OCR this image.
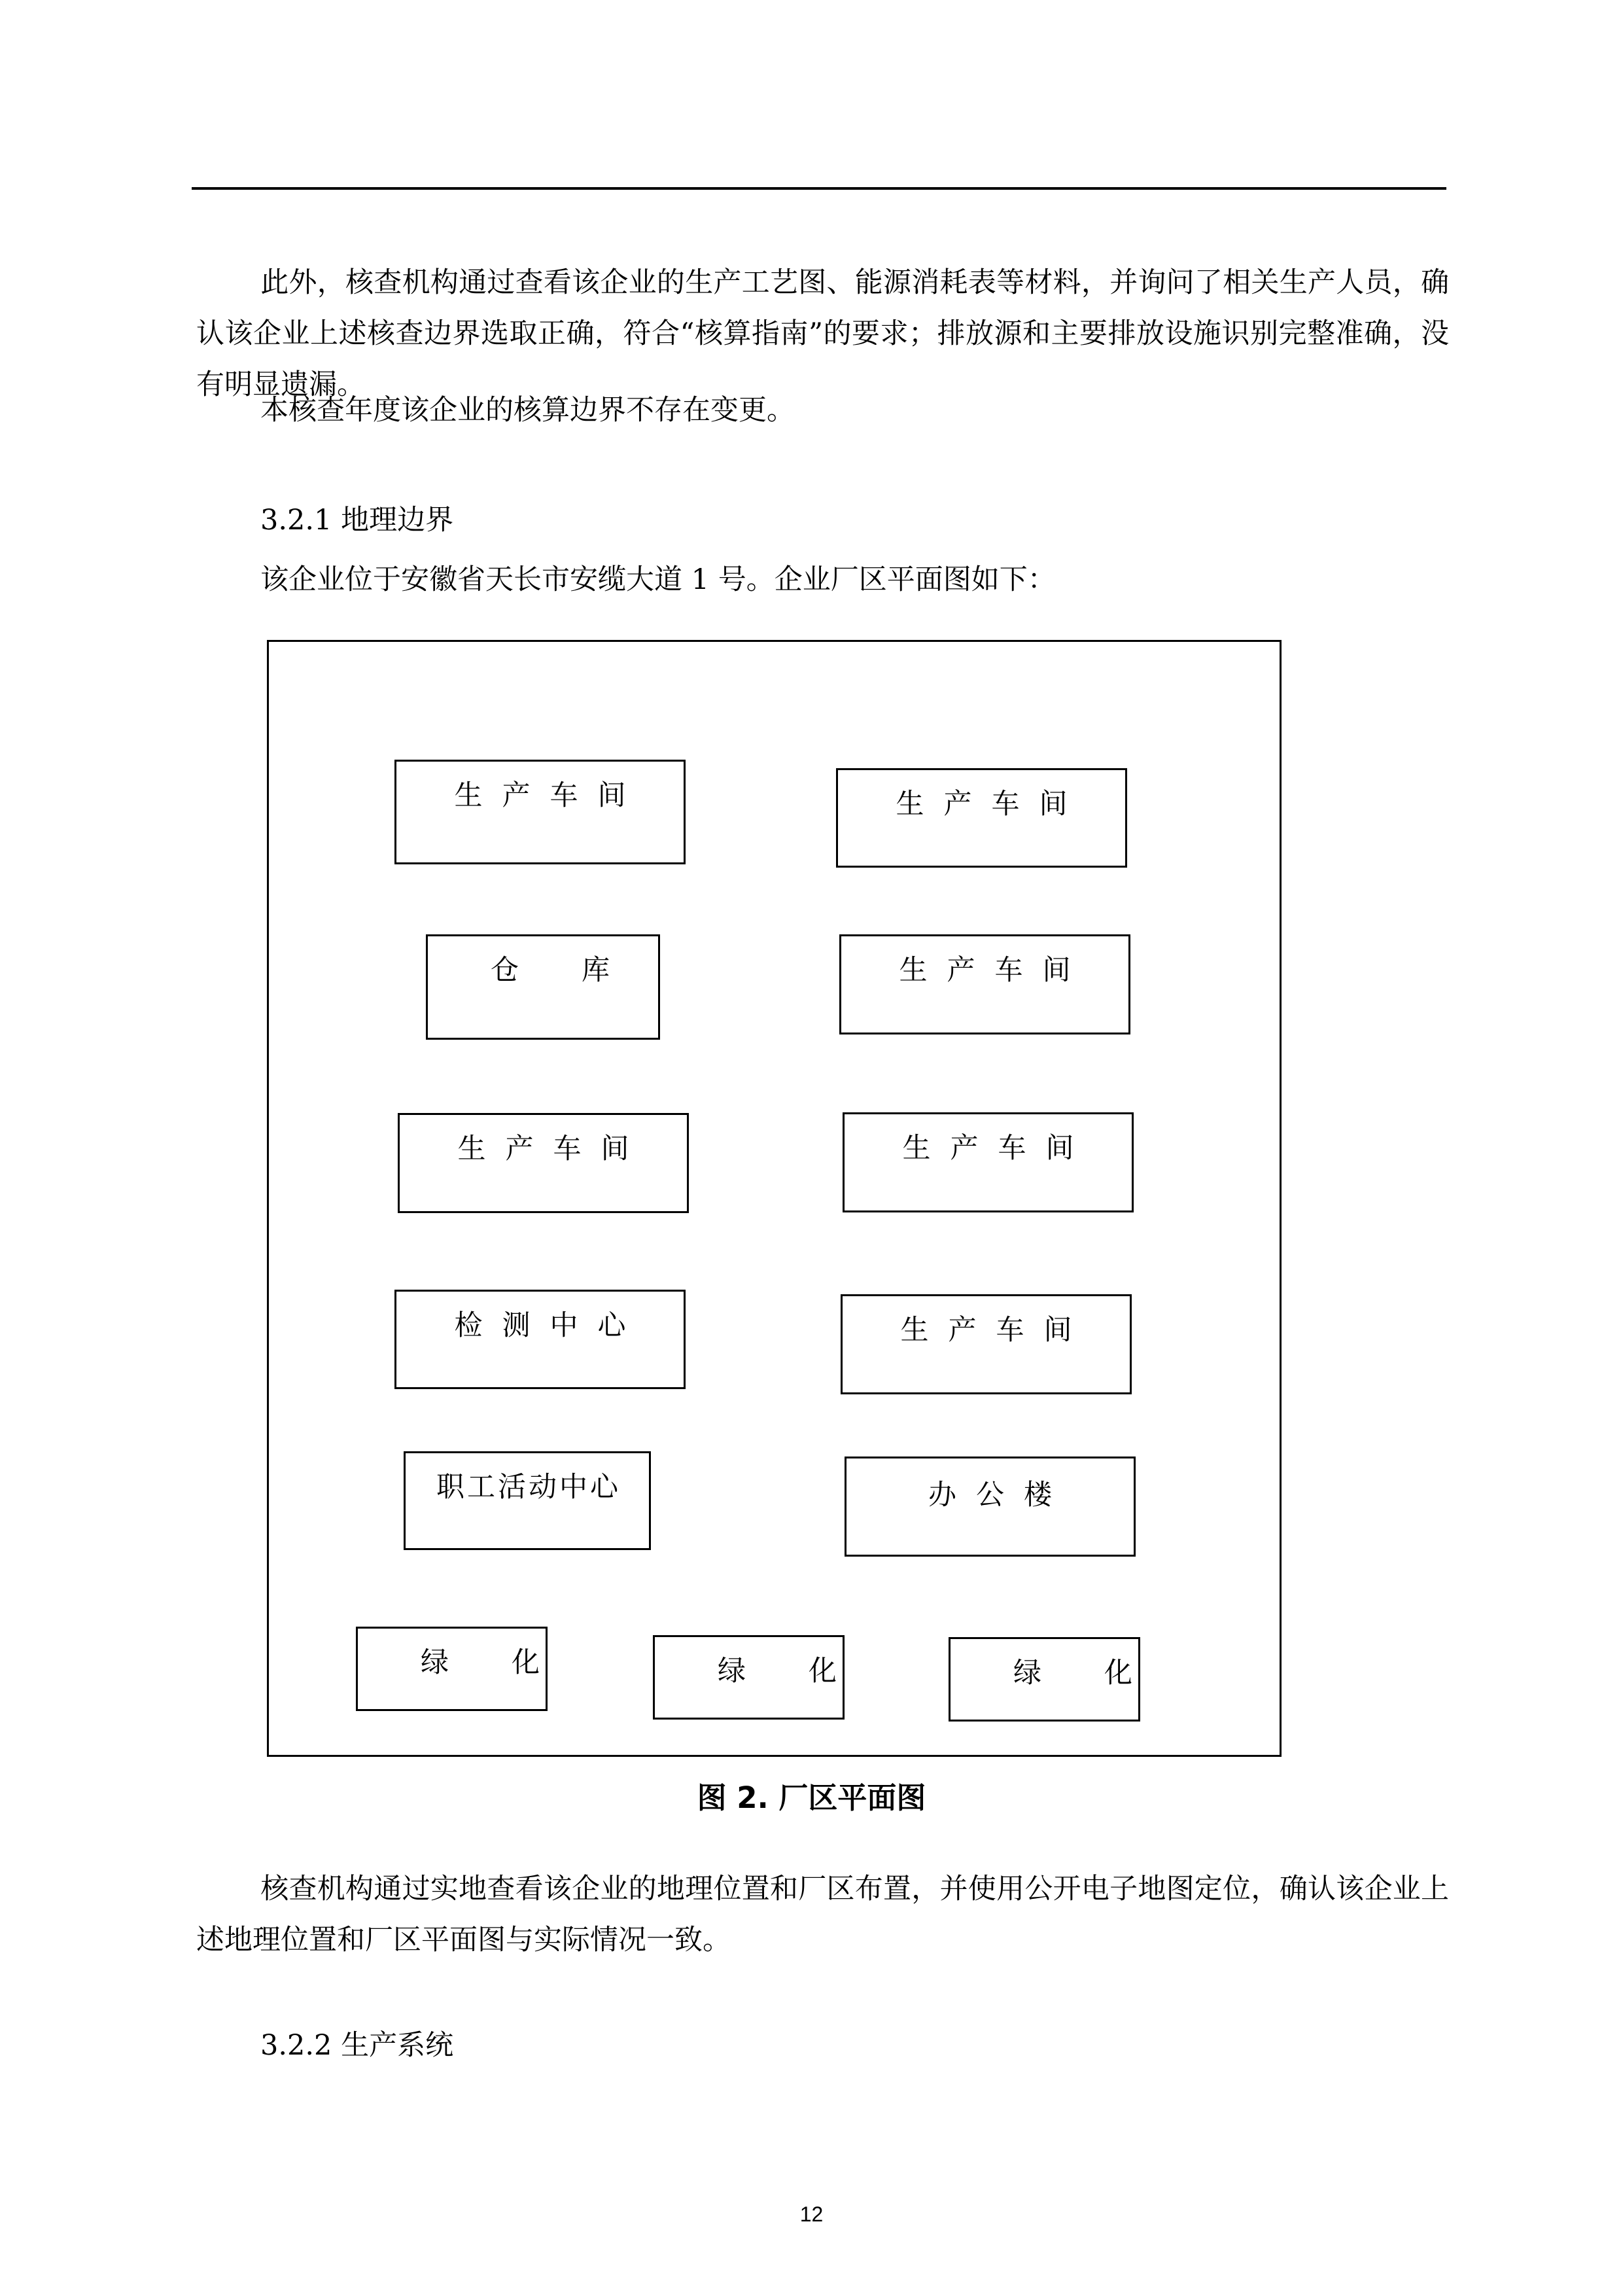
此外，核查机构通过查看该企业的生产工艺图、能源消耗表等材料，并询问了相关生产人员，确认该企业上述核查边界选取正确，符合“核算指南”的要求；排放源和主要排放设施识别完整准确，没有明显遗漏。

本核查年度该企业的核算边界不存在变更。

3.2.1 地理边界
该企业位于安徽省天长市安缆大道 1 号。企业厂区平面图如下：
生产车间	生产车间
仓库	生产车间
生产车间	生产车间
检测中心	生产车间
职工活动中心	办公楼
绿化	绿化	绿化
图 2. 厂区平面图

核查机构通过实地查看该企业的地理位置和厂区布置，并使用公开电子地图定位，确认该企业上述地理位置和厂区平面图与实际情况一致。

3.2.2 生产系统
12
